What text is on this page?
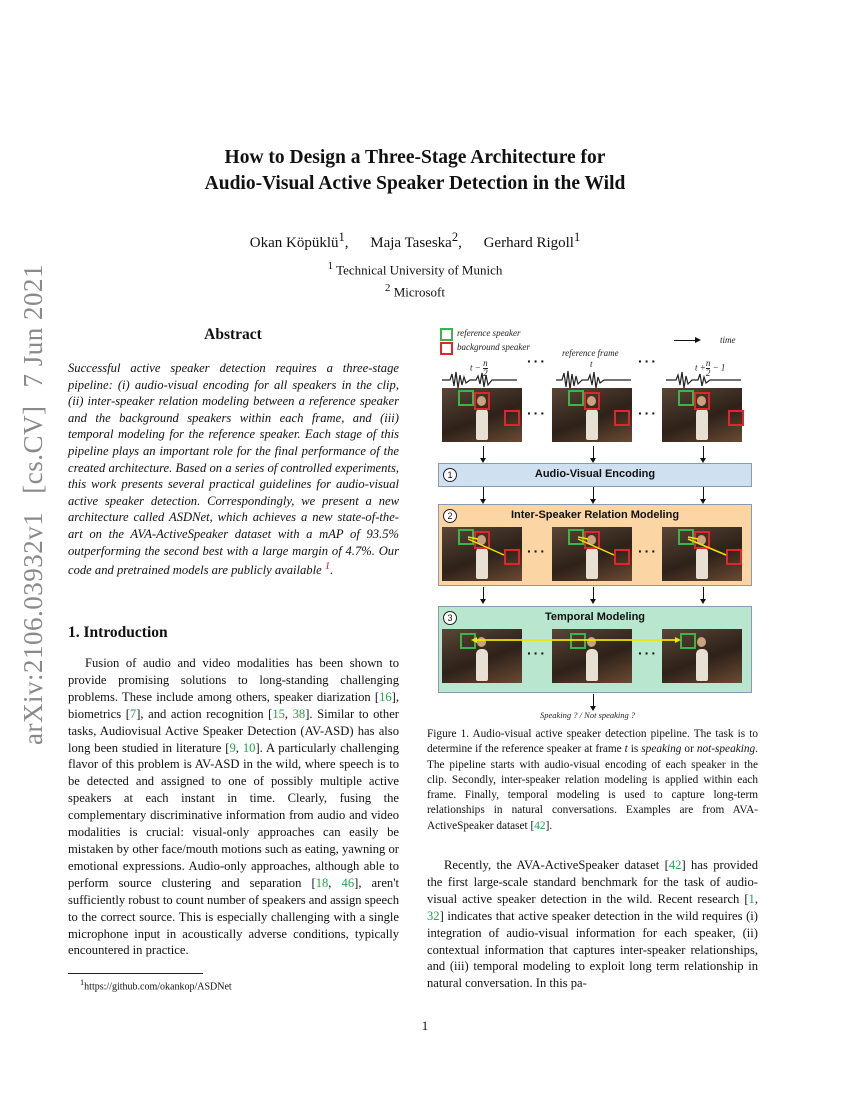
arXiv:2106.03932v1
[cs.CV]
7 Jun 2021
How to Design a Three-Stage Architecture for
Audio-Visual Active Speaker Detection in the Wild
Okan Köpüklü$^1$, Maja Taseska$^2$, Gerhard Rigoll$^1$
$^1$ Technical University of Munich
$^2$ Microsoft
Abstract
Successful active speaker detection requires a three-stage pipeline: (i) audio-visual encoding for all speakers in the clip, (ii) inter-speaker relation modeling between a reference speaker and the background speakers within each frame, and (iii) temporal modeling for the reference speaker. Each stage of this pipeline plays an important role for the final performance of the created architecture. Based on a series of controlled experiments, this work presents several practical guidelines for audio-visual active speaker detection. Correspondingly, we present a new architecture called ASDNet, which achieves a new state-of-the-art on the AVA-ActiveSpeaker dataset with a mAP of 93.5% outperforming the second best with a large margin of 4.7%. Our code and pretrained models are publicly available $^1$.
1. Introduction

Fusion of audio and video modalities has been shown to provide promising solutions to long-standing challenging problems. These include among others, speaker diarization [16], biometrics [7], and action recognition [15, 38]. Similar to other tasks, Audiovisual Active Speaker Detection (AV-ASD) has also long been studied in literature [9, 10]. A particularly challenging flavor of this problem is AV-ASD in the wild, where speech is to be detected and assigned to one of possibly multiple active speakers at each instant in time. Clearly, fusing the complementary discriminative information from audio and video modalities is crucial: visual-only approaches can easily be mistaken by other face/mouth motions such as eating, yawning or emotional expressions. Audio-only approaches, although able to perform source clustering and separation [18, 46], aren't sufficiently robust to count number of speakers and assign speech to the correct source. This is especially challenging with a single microphone input in acoustically adverse conditions, typically encountered in practice.

$^1$https://github.com/okankop/ASDNet
reference speaker
background speaker
time
reference frame
t
$t - \frac{n}{2}$	$t +\frac{n}{2} - 1$
···	···
···	···
1	Audio-Visual Encoding
2	Inter-Speaker Relation Modeling
···	···
3	Temporal Modeling
···	···
Speaking ? / Not speaking ?
Figure 1. Audio-visual active speaker detection pipeline. The task is to determine if the reference speaker at frame t is speaking or not-speaking. The pipeline starts with audio-visual encoding of each speaker in the clip. Secondly, inter-speaker relation modeling is applied within each frame. Finally, temporal modeling is used to capture long-term relationships in natural conversations. Examples are from AVA-ActiveSpeaker dataset [42].

Recently, the AVA-ActiveSpeaker dataset [42] has provided the first large-scale standard benchmark for the task of audio-visual active speaker detection in the wild. Recent research [1, 32] indicates that active speaker detection in the wild requires (i) integration of audio-visual information for each speaker, (ii) contextual information that captures inter-speaker relationships, and (iii) temporal modeling to exploit long term relationship in natural conversation. In this pa-

1
